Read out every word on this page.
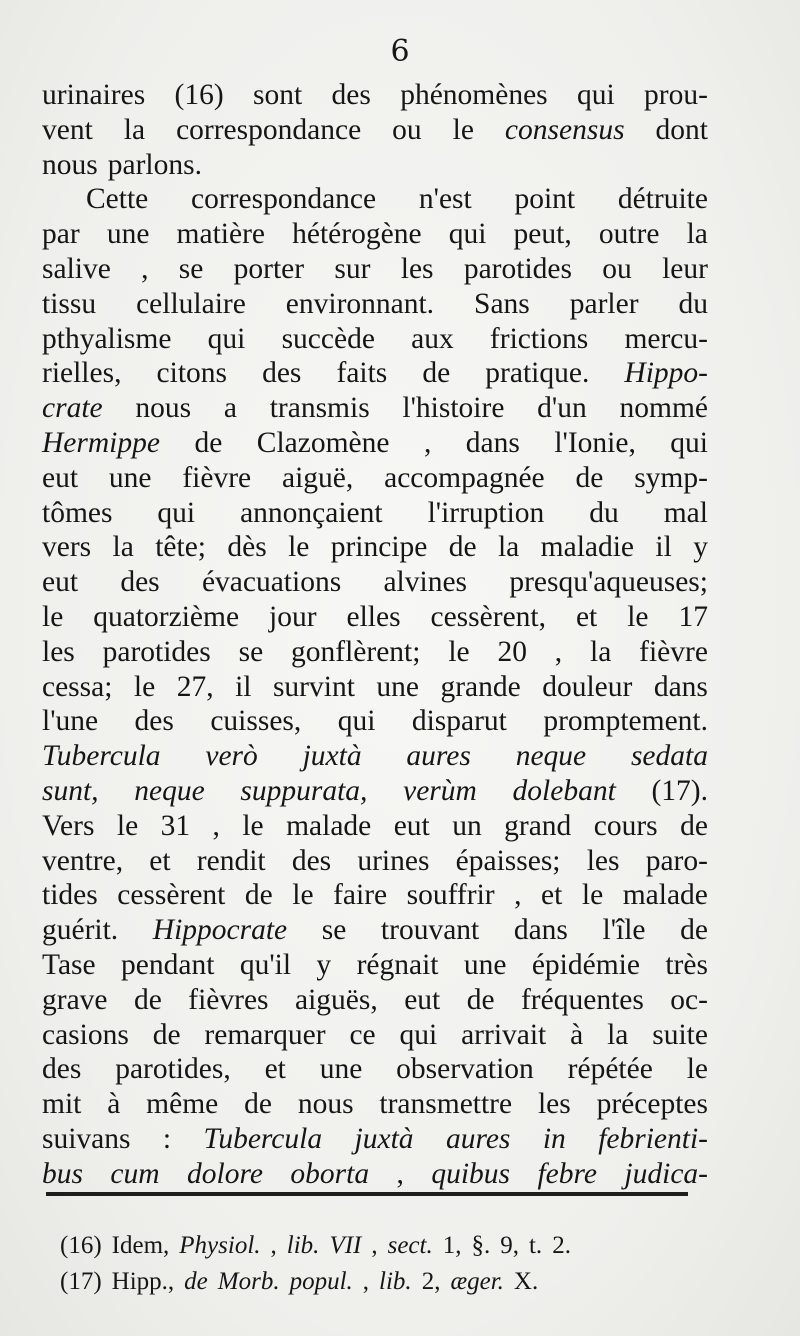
6
urinaires (16) sont des phénomènes qui prou-
vent la correspondance ou le consensus dont
nous parlons.
Cette correspondance n'est point détruite
par une matière hétérogène qui peut, outre la
salive , se porter sur les parotides ou leur
tissu cellulaire environnant. Sans parler du
pthyalisme qui succède aux frictions mercu-
rielles, citons des faits de pratique. Hippo-
crate nous a transmis l'histoire d'un nommé
Hermippe de Clazomène , dans l'Ionie, qui
eut une fièvre aiguë, accompagnée de symp-
tômes qui annonçaient l'irruption du mal
vers la tête; dès le principe de la maladie il y
eut des évacuations alvines presqu'aqueuses;
le quatorzième jour elles cessèrent, et le 17
les parotides se gonflèrent; le 20 , la fièvre
cessa; le 27, il survint une grande douleur dans
l'une des cuisses, qui disparut promptement.
Tubercula verò juxtà aures neque sedata
sunt, neque suppurata, verùm dolebant (17).
Vers le 31 , le malade eut un grand cours de
ventre, et rendit des urines épaisses; les paro-
tides cessèrent de le faire souffrir , et le malade
guérit. Hippocrate se trouvant dans l'île de
Tase pendant qu'il y régnait une épidémie très
grave de fièvres aiguës, eut de fréquentes oc-
casions de remarquer ce qui arrivait à la suite
des parotides, et une observation répétée le
mit à même de nous transmettre les préceptes
suivans : Tubercula juxtà aures in febrienti-
bus cum dolore oborta , quibus febre judica-
(16) Idem, Physiol. , lib. VII , sect. 1, §. 9, t. 2.
(17) Hipp., de Morb. popul. , lib. 2, æger. X.
